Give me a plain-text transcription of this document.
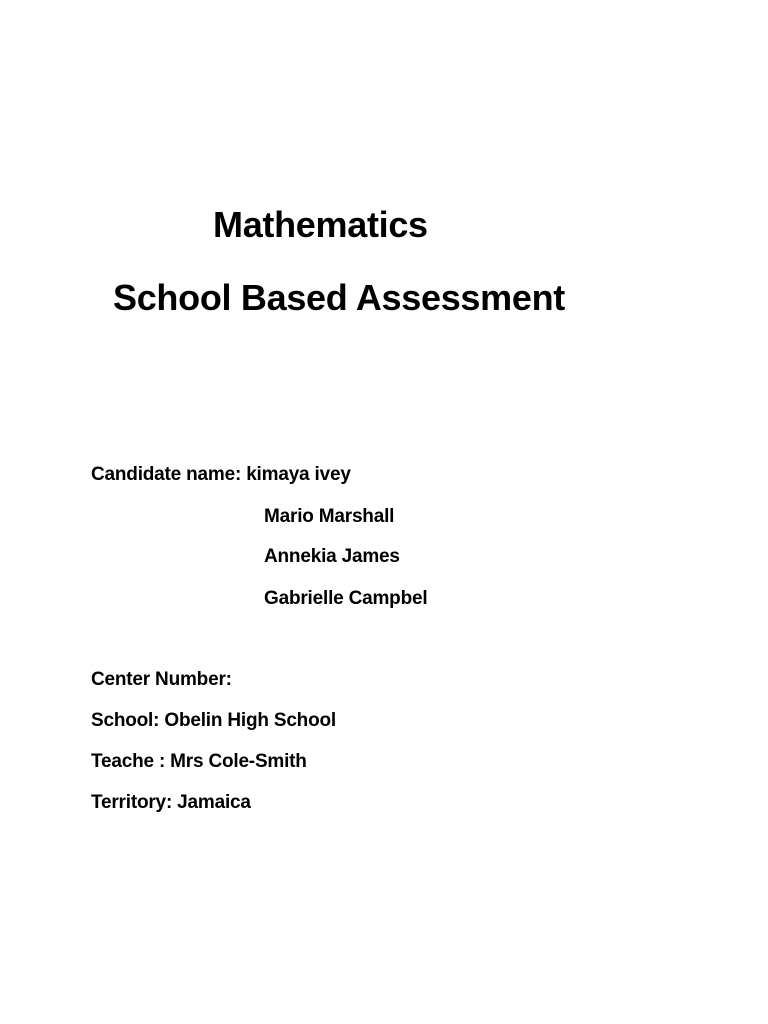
Mathematics
School Based Assessment
Candidate name: kimaya ivey
Mario Marshall
Annekia James
Gabrielle Campbel
Center Number:
School: Obelin High School
Teache : Mrs Cole-Smith
Territory: Jamaica
